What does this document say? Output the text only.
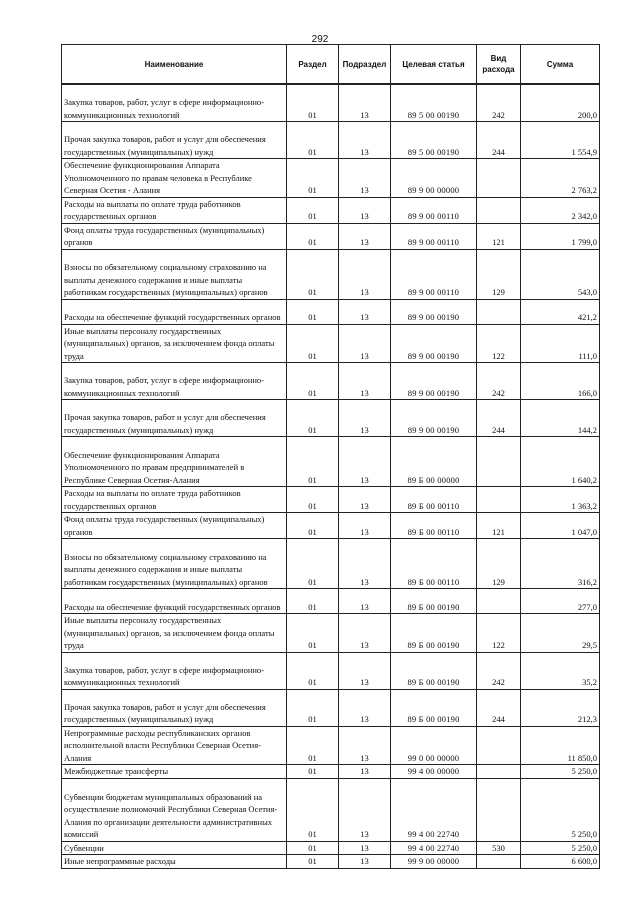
292
Наименование	Раздел	Подраздел	Целевая статья	Вид расхода	Сумма
Закупка товаров, работ, услуг в сфере информационно-коммуникационных технологий	01	13	89 5 00 00190	242	200,0
Прочая закупка товаров, работ и услуг для обеспечения государственных (муниципальных) нужд	01	13	89 5 00 00190	244	1 554,9
Обеспечение функционирования Аппарата Уполномоченного по правам человека в Республике Северная Осетия - Алания	01	13	89 9 00 00000		2 763,2
Расходы на выплаты по оплате труда работников государственных органов	01	13	89 9 00 00110		2 342,0
Фонд оплаты труда государственных (муниципальных) органов	01	13	89 9 00 00110	121	1 799,0
Взносы по обязательному социальному страхованию на выплаты денежного содержания и иные выплаты работникам государственных (муниципальных) органов	01	13	89 9 00 00110	129	543,0
Расходы на обеспечение функций государственных органов	01	13	89 9 00 00190		421,2
Иные выплаты персоналу государственных (муниципальных) органов, за исключением фонда оплаты труда	01	13	89 9 00 00190	122	111,0
Закупка товаров, работ, услуг в сфере информационно-коммуникационных технологий	01	13	89 9 00 00190	242	166,0
Прочая закупка товаров, работ и услуг для обеспечения государственных (муниципальных) нужд	01	13	89 9 00 00190	244	144,2
Обеспечение функционирования Аппарата Уполномоченного по правам предпринимателей в Республике Северная Осетия-Алания	01	13	89 Б 00 00000		1 640,2
Расходы на выплаты по оплате труда работников государственных органов	01	13	89 Б 00 00110		1 363,2
Фонд оплаты труда государственных (муниципальных) органов	01	13	89 Б 00 00110	121	1 047,0
Взносы по обязательному социальному страхованию на выплаты денежного содержания и иные выплаты работникам государственных (муниципальных) органов	01	13	89 Б 00 00110	129	316,2
Расходы на обеспечение функций государственных органов	01	13	89 Б 00 00190		277,0
Иные выплаты персоналу государственных (муниципальных) органов, за исключением фонда оплаты труда	01	13	89 Б 00 00190	122	29,5
Закупка товаров, работ, услуг в сфере информационно-коммуникационных технологий	01	13	89 Б 00 00190	242	35,2
Прочая закупка товаров, работ и услуг для обеспечения государственных (муниципальных) нужд	01	13	89 Б 00 00190	244	212,3
Непрограммные расходы республиканских органов исполнительной власти Республики Северная Осетия-Алания	01	13	99 0 00 00000		11 850,0
Межбюджетные трансферты	01	13	99 4 00 00000		5 250,0
Субвенции бюджетам муниципальных образований на осуществление полномочий Республики Северная Осетия-Алания по организации деятельности административных комиссий	01	13	99 4 00 22740		5 250,0
Субвенции	01	13	99 4 00 22740	530	5 250,0
Иные непрограммные расходы	01	13	99 9 00 00000		6 600,0
